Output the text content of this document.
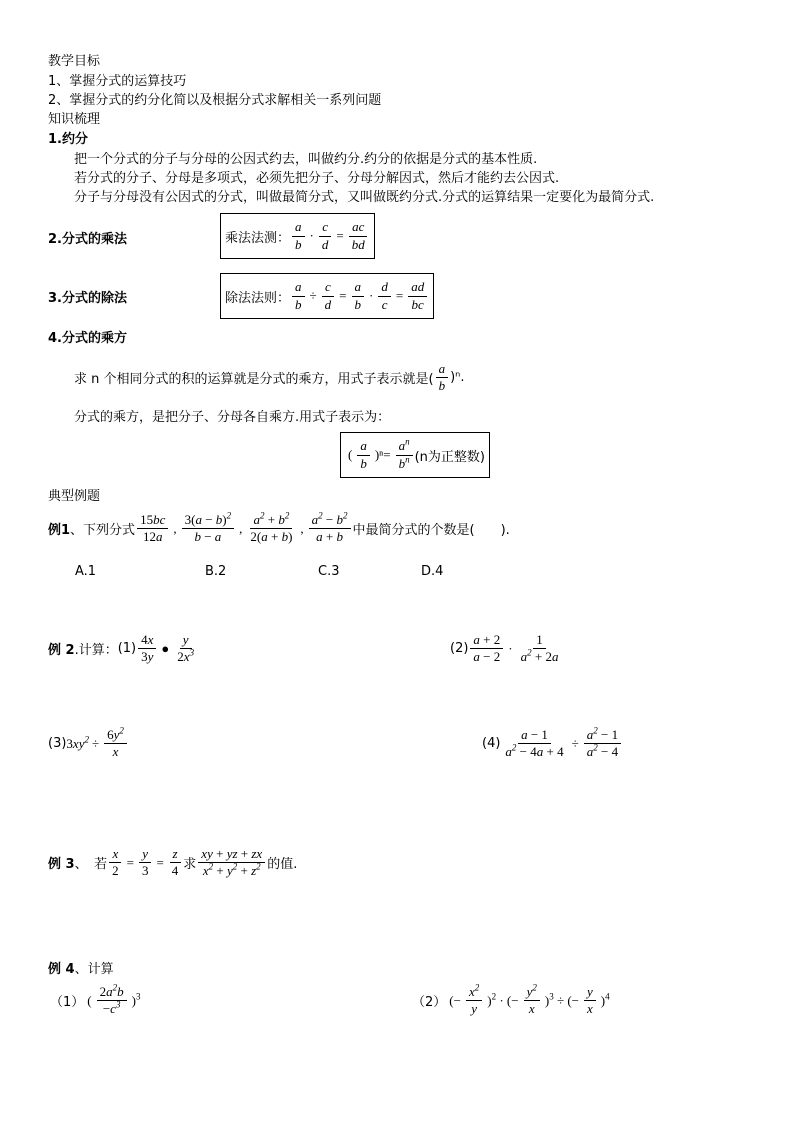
教学目标
1、掌握分式的运算技巧
2、掌握分式的约分化简以及根据分式求解相关一系列问题
知识梳理
1.约分
把一个分式的分子与分母的公因式约去，叫做约分.约分的依据是分式的基本性质.
若分式的分子、分母是多项式，必须先把分子、分母分解因式，然后才能约去公因式.
分子与分母没有公因式的分式，叫做最简分式，又叫做既约分式.分式的运算结果一定要化为最简分式.
2.分式的乘法	乘法法测： $\frac{a}{b} \cdot \frac{c}{d} = \frac{ac}{bd}$
3.分式的除法	除法法则： $\frac{a}{b} \div \frac{c}{d} = \frac{a}{b} \cdot \frac{d}{c} = \frac{ad}{bc}$
4.分式的乘方
求 n 个相同分式的积的运算就是分式的乘方，用式子表示就是( $\frac{a}{b} )^n$.
分式的乘方，是把分子、分母各自乘方.用式子表示为：
( $\frac{a}{b} )^n= \frac{a^n}{b^n} (n$为正整数)
典型例题
例1 、下列分式 $\frac{15bc}{12a}$ , $\frac{3(a - b)^2}{b - a}$ , $\frac{a^2 + b^2}{2(a + b)}$ , $\frac{a^2 - b^2}{a + b}$ 中最简分式的个数是(　　).
A.1	B.2	C.3	D.4
例 2 .计算： $(1) \frac{4x}{3y}$ ● $\frac{y}{2x^3}$	$(2) \frac{a + 2}{a - 2} \cdot \frac{1}{a^2 + 2a}$
(3) $3xy^2 \div \frac{6y^2}{x}$	$(4) \frac{a - 1}{a^2 - 4a + 4} \div \frac{a^2 - 1}{a^2 - 4}$
例 3 、　若 $\frac{x}{2} = \frac{y}{3} = \frac{z}{4}$ 求 $\frac{xy + yz + zx}{x^2 + y^2 + z^2}$ 的值.
例 4 、计算
（1） ( $\frac{2a^2b}{-c^3} )^3$	（2） (− $\frac{x^2}{y} )^2$ · (− $\frac{y^2}{x} )^3$ ÷ (− $\frac{y}{x} )^4$
